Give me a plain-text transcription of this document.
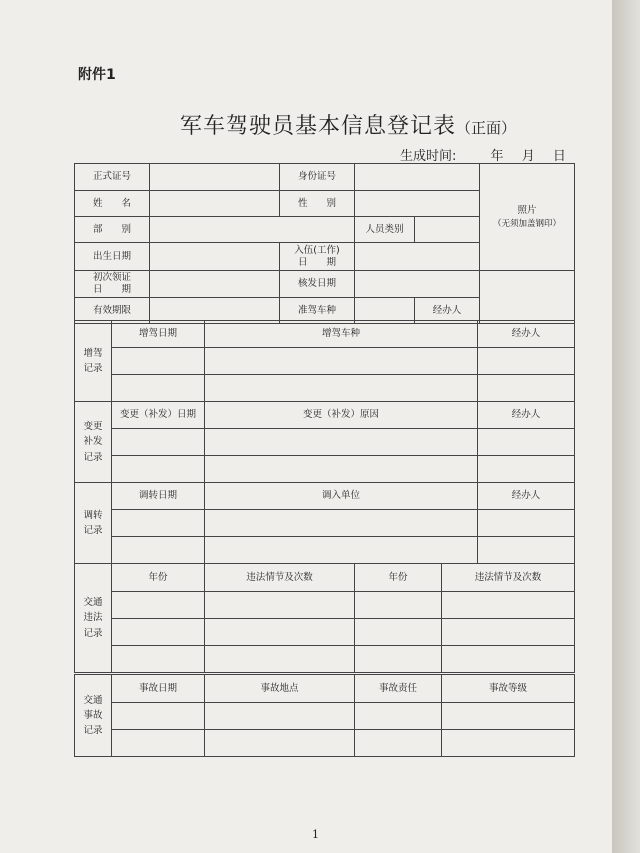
附件1
军车驾驶员基本信息登记表（正面）
生成时间:	年 月 日
正式证号		身份证号			照片
（无须加盖钢印）

姓　　名		性　　别			
部　　别			人员类别		
出生日期		入伍(工作)
日　　期			
初次领证
日　　期		核发日期			
有效期限		准驾车种		经办人	
增驾
记录	增驾日期	增驾车种	经办人

变更
补发
记录	变更（补发）日期	变更（补发）原因	经办人

调转
记录	调转日期	调入单位	经办人

交通
违法
记录	年份	违法情节及次数	年份	违法情节及次数

交通
事故
记录	事故日期	事故地点	事故责任	事故等级

1
